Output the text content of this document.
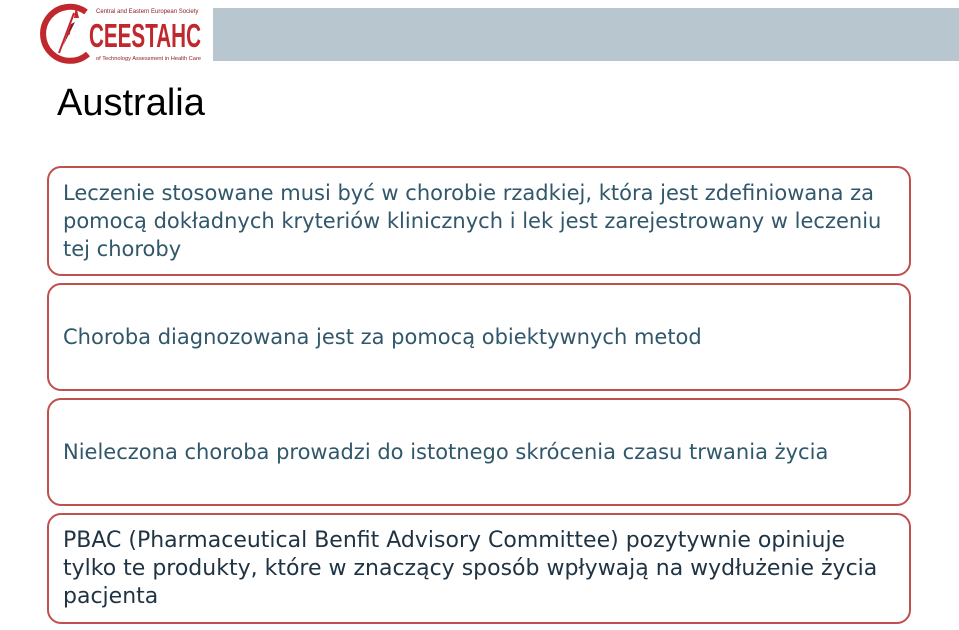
Central and Eastern European Society
CEESTAHC
of Technology Assessment in Health Care
Australia

Leczenie stosowane musi być w chorobie rzadkiej, która jest zdefiniowana za pomocą dokładnych kryteriów klinicznych i lek jest zarejestrowany w leczeniu tej choroby

Choroba diagnozowana jest za pomocą obiektywnych metod

Nieleczona choroba prowadzi do istotnego skrócenia czasu trwania życia

PBAC (Pharmaceutical Benfit Advisory Committee) pozytywnie opiniuje tylko te produkty, które w znaczący sposób wpływają na wydłużenie życia pacjenta
